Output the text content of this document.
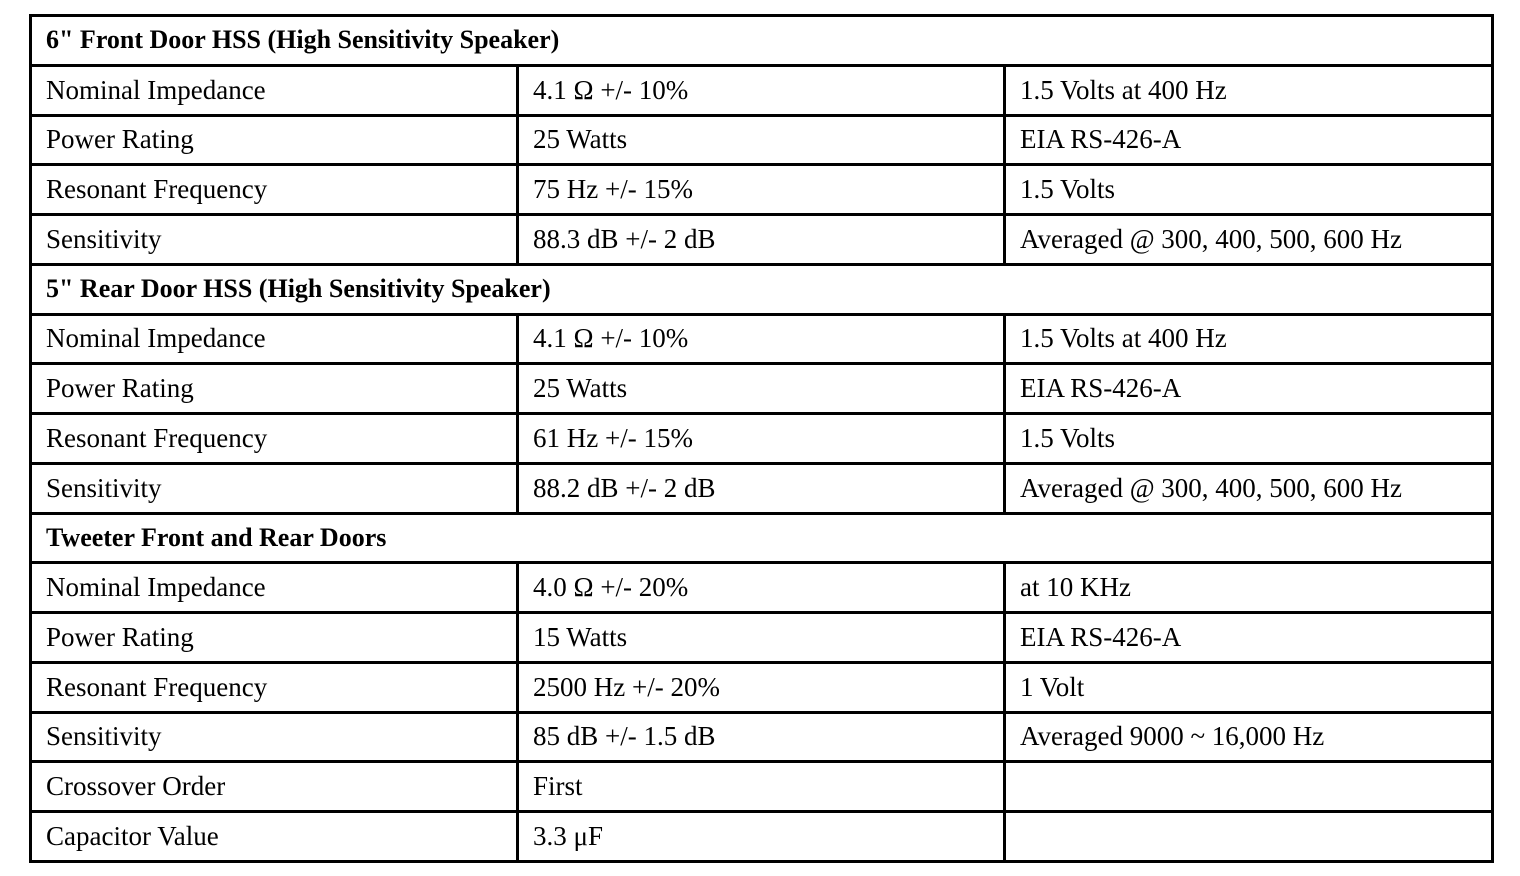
6" Front Door HSS (High Sensitivity Speaker)		
Nominal Impedance	4.1 Ω +/- 10%	1.5 Volts at 400 Hz
Power Rating	25 Watts	EIA RS-426-A
Resonant Frequency	75 Hz +/- 15%	1.5 Volts
Sensitivity	88.3 dB +/- 2 dB	Averaged @ 300, 400, 500, 600 Hz
5" Rear Door HSS (High Sensitivity Speaker)		
Nominal Impedance	4.1 Ω +/- 10%	1.5 Volts at 400 Hz
Power Rating	25 Watts	EIA RS-426-A
Resonant Frequency	61 Hz +/- 15%	1.5 Volts
Sensitivity	88.2 dB +/- 2 dB	Averaged @ 300, 400, 500, 600 Hz
Tweeter Front and Rear Doors		
Nominal Impedance	4.0 Ω +/- 20%	at 10 KHz
Power Rating	15 Watts	EIA RS-426-A
Resonant Frequency	2500 Hz +/- 20%	1 Volt
Sensitivity	85 dB +/- 1.5 dB	Averaged 9000 ~ 16,000 Hz
Crossover Order	First	
Capacitor Value	3.3 μF	
